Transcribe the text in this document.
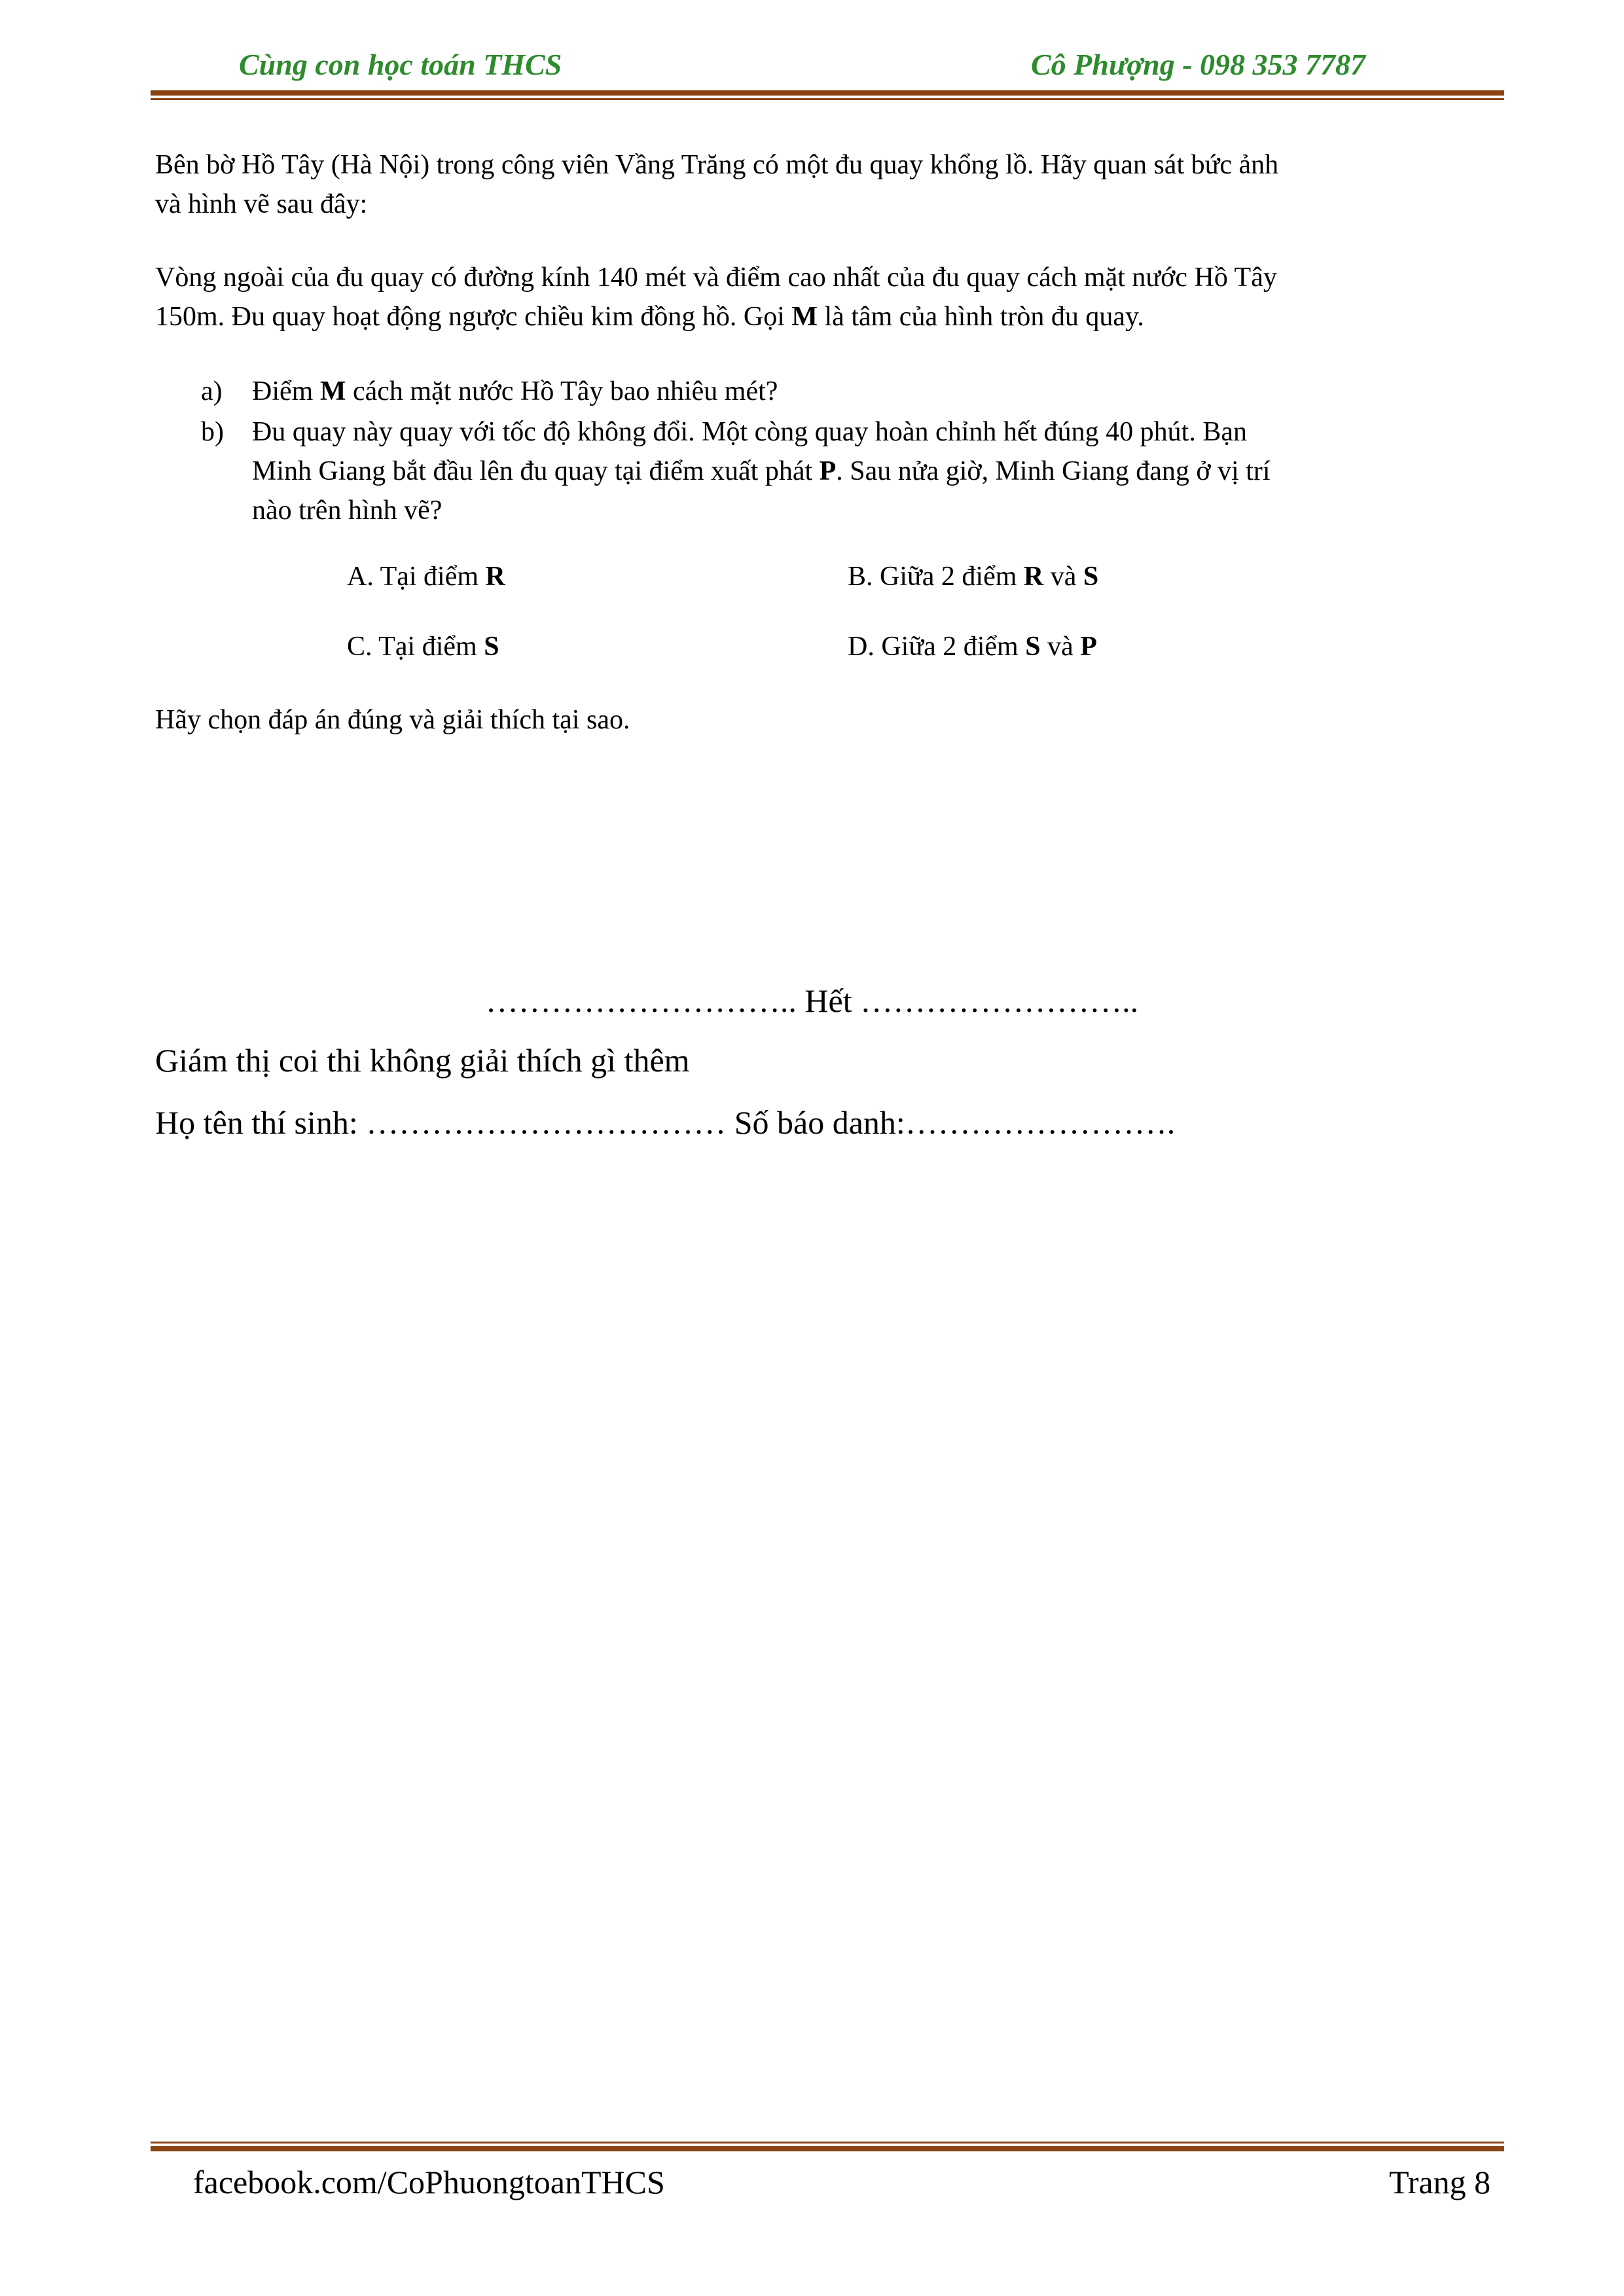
Cùng con học toán THCS	Cô Phượng - 098 353 7787
Bên bờ Hồ Tây (Hà Nội) trong công viên Vầng Trăng có một đu quay khổng lồ. Hãy quan sát bức ảnh
và hình vẽ sau đây:
Vòng ngoài của đu quay có đường kính 140 mét và điểm cao nhất của đu quay cách mặt nước Hồ Tây
150m. Đu quay hoạt động ngược chiều kim đồng hồ. Gọi M là tâm của hình tròn đu quay.
a) Điểm M cách mặt nước Hồ Tây bao nhiêu mét?
b) Đu quay này quay với tốc độ không đổi. Một còng quay hoàn chỉnh hết đúng 40 phút. Bạn
Minh Giang bắt đầu lên đu quay tại điểm xuất phát P. Sau nửa giờ, Minh Giang đang ở vị trí
nào trên hình vẽ?
A. Tại điểm R	B. Giữa 2 điểm R và S
C. Tại điểm S	D. Giữa 2 điểm S và P
Hãy chọn đáp án đúng và giải thích tại sao.
……………………….. Hết ……………………..
Giám thị coi thi không giải thích gì thêm
Họ tên thí sinh: …………………………… Số báo danh:…………………….
facebook.com/CoPhuongtoanTHCS	Trang 8
